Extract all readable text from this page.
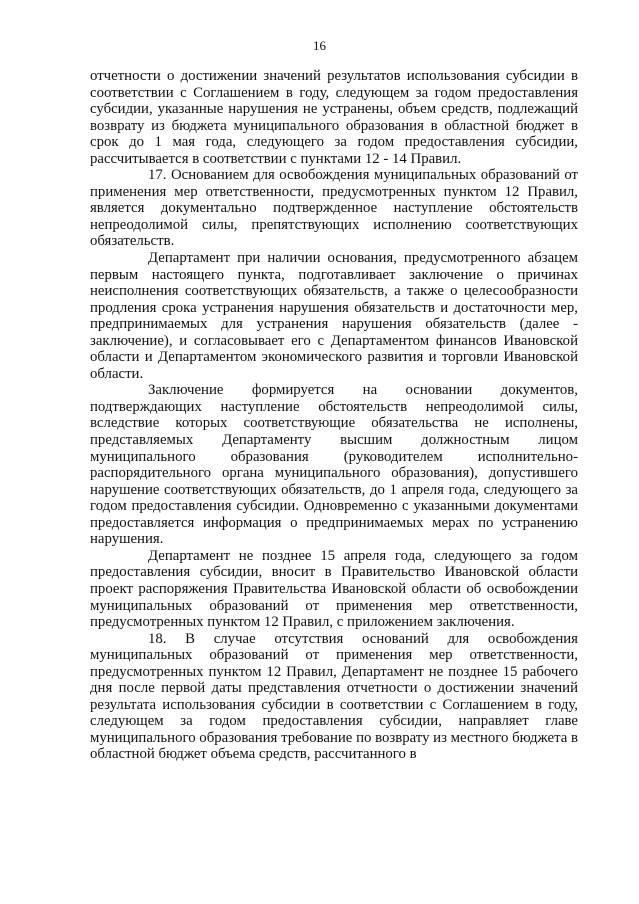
16

отчетности о достижении значений результатов использования субсидии в соответствии с Соглашением в году, следующем за годом предоставления субсидии, указанные нарушения не устранены, объем средств, подлежащий возврату из бюджета муниципального образования в областной бюджет в срок до 1 мая года, следующего за годом предоставления субсидии, рассчитывается в соответствии с пунктами 12 - 14 Правил.

17. Основанием для освобождения муниципальных образований от применения мер ответственности, предусмотренных пунктом 12 Правил, является документально подтвержденное наступление обстоятельств непреодолимой силы, препятствующих исполнению соответствующих обязательств.

Департамент при наличии основания, предусмотренного абзацем первым настоящего пункта, подготавливает заключение о причинах неисполнения соответствующих обязательств, а также о целесообразности продления срока устранения нарушения обязательств и достаточности мер, предпринимаемых для устранения нарушения обязательств (далее - заключение), и согласовывает его с Департаментом финансов Ивановской области и Департаментом экономического развития и торговли Ивановской области.

Заключение формируется на основании документов, подтверждающих наступление обстоятельств непреодолимой силы, вследствие которых соответствующие обязательства не исполнены, представляемых Департаменту высшим должностным лицом муниципального образования (руководителем исполнительно-распорядительного органа муниципального образования), допустившего нарушение соответствующих обязательств, до 1 апреля года, следующего за годом предоставления субсидии. Одновременно с указанными документами предоставляется информация о предпринимаемых мерах по устранению нарушения.

Департамент не позднее 15 апреля года, следующего за годом предоставления субсидии, вносит в Правительство Ивановской области проект распоряжения Правительства Ивановской области об освобождении муниципальных образований от применения мер ответственности, предусмотренных пунктом 12 Правил, с приложением заключения.

18. В случае отсутствия оснований для освобождения муниципальных образований от применения мер ответственности, предусмотренных пунктом 12 Правил, Департамент не позднее 15 рабочего дня после первой даты представления отчетности о достижении значений результата использования субсидии в соответствии с Соглашением в году, следующем за годом предоставления субсидии, направляет главе муниципального образования требование по возврату из местного бюджета в областной бюджет объема средств, рассчитанного в
